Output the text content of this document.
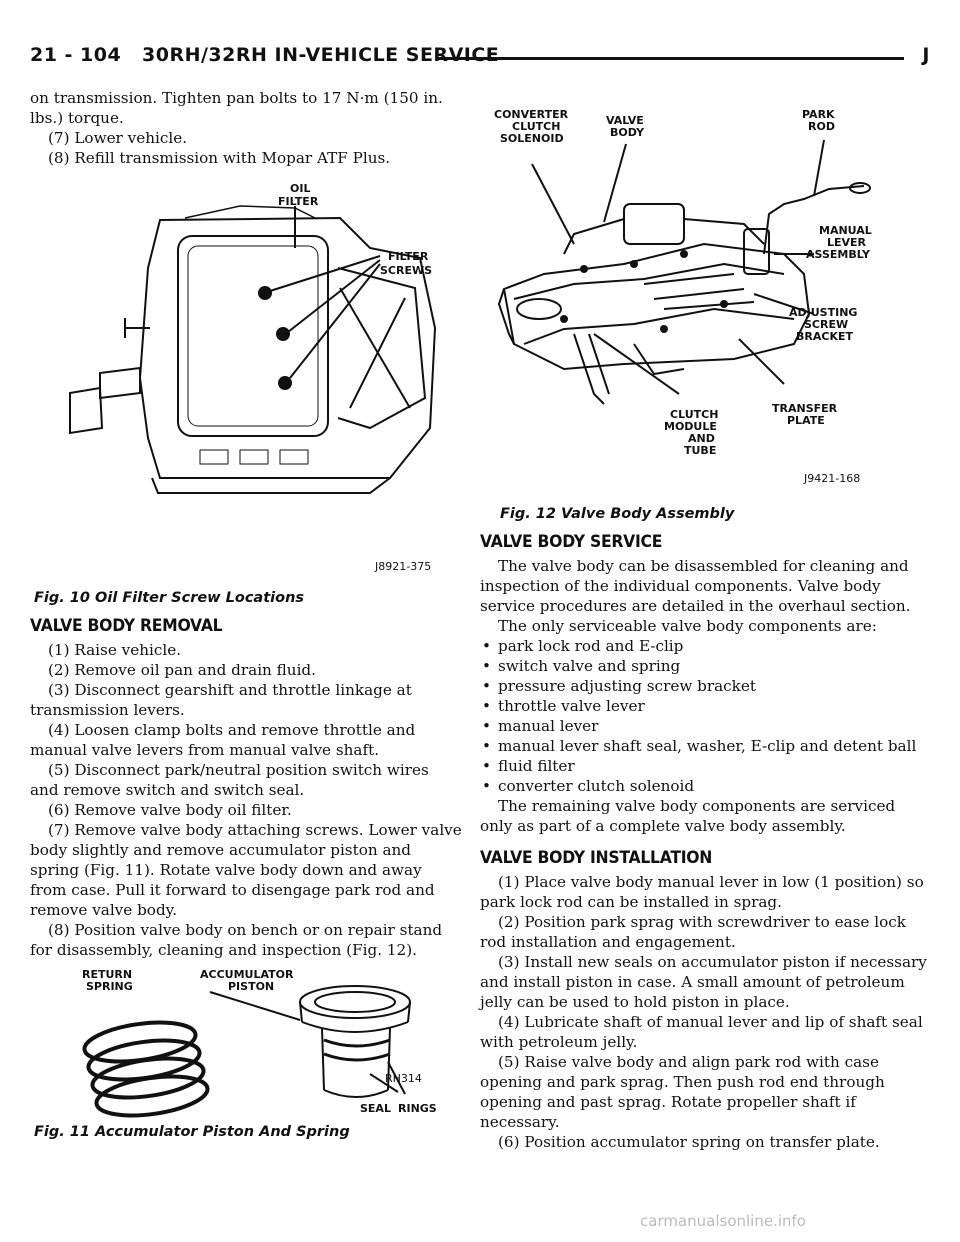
21 - 104 30RH/32RH IN-VEHICLE SERVICE	J

on transmission. Tighten pan bolts to 17 N·m (150 in. lbs.) torque.

(7) Lower vehicle.

(8) Refill transmission with Mopar ATF Plus.

OIL
FILTER
FILTER
SCREWS
J8921-375
Fig. 10 Oil Filter Screw Locations

VALVE BODY REMOVAL

(1) Raise vehicle.

(2) Remove oil pan and drain fluid.

(3) Disconnect gearshift and throttle linkage at transmission levers.

(4) Loosen clamp bolts and remove throttle and manual valve levers from manual valve shaft.

(5) Disconnect park/neutral position switch wires and remove switch and switch seal.

(6) Remove valve body oil filter.

(7) Remove valve body attaching screws. Lower valve body slightly and remove accumulator piston and spring (Fig. 11). Rotate valve body down and away from case. Pull it forward to disengage park rod and remove valve body.

(8) Position valve body on bench or on repair stand for disassembly, cleaning and inspection (Fig. 12).

RETURN
SPRING
ACCUMULATOR
PISTON
SEAL RINGS
RH314
Fig. 11 Accumulator Piston And Spring
CONVERTER
CLUTCH
SOLENOID
VALVE
BODY
PARK
ROD
MANUAL
LEVER
ASSEMBLY
ADJUSTING
SCREW
BRACKET
TRANSFER
PLATE
CLUTCH
MODULE
AND
TUBE
J9421-168
Fig. 12 Valve Body Assembly

VALVE BODY SERVICE

The valve body can be disassembled for cleaning and inspection of the individual components. Valve body service procedures are detailed in the overhaul section.

The only serviceable valve body components are:

• park lock rod and E-clip
• switch valve and spring
• pressure adjusting screw bracket
• throttle valve lever
• manual lever
• manual lever shaft seal, washer, E-clip and detent ball
• fluid filter
• converter clutch solenoid

The remaining valve body components are serviced only as part of a complete valve body assembly.

VALVE BODY INSTALLATION

(1) Place valve body manual lever in low (1 position) so park lock rod can be installed in sprag.

(2) Position park sprag with screwdriver to ease lock rod installation and engagement.

(3) Install new seals on accumulator piston if necessary and install piston in case. A small amount of petroleum jelly can be used to hold piston in place.

(4) Lubricate shaft of manual lever and lip of shaft seal with petroleum jelly.

(5) Raise valve body and align park rod with case opening and park sprag. Then push rod end through opening and past sprag. Rotate propeller shaft if necessary.

(6) Position accumulator spring on transfer plate.

carmanualsonline.info
